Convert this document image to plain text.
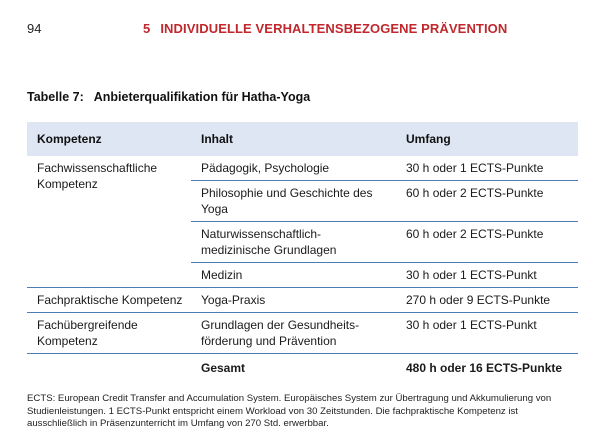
94	5 INDIVIDUELLE VERHALTENSBEZOGENE PRÄVENTION
Tabelle 7: Anbieterqualifikation für Hatha-Yoga
Kompetenz	Inhalt	Umfang
Fachwissenschaftliche Kompetenz	Pädagogik, Psychologie	30 h oder 1 ECTS-Punkte
	Philosophie und Geschichte des Yoga	60 h oder 2 ECTS-Punkte
	Naturwissenschaftlich-medizinische Grundlagen	60 h oder 2 ECTS-Punkte
	Medizin	30 h oder 1 ECTS-Punkt
Fachpraktische Kompetenz	Yoga-Praxis	270 h oder 9 ECTS-Punkte
Fachübergreifende Kompetenz	Grundlagen der Gesundheits-förderung und Prävention	30 h oder 1 ECTS-Punkt
	Gesamt	480 h oder 16 ECTS-Punkte
ECTS: European Credit Transfer and Accumulation System. Europäisches System zur Übertragung und Akkumulierung von Studienleistungen. 1 ECTS-Punkt entspricht einem Workload von 30 Zeitstunden. Die fachpraktische Kompetenz ist ausschließlich in Präsenzunterricht im Umfang von 270 Std. erwerbbar.
